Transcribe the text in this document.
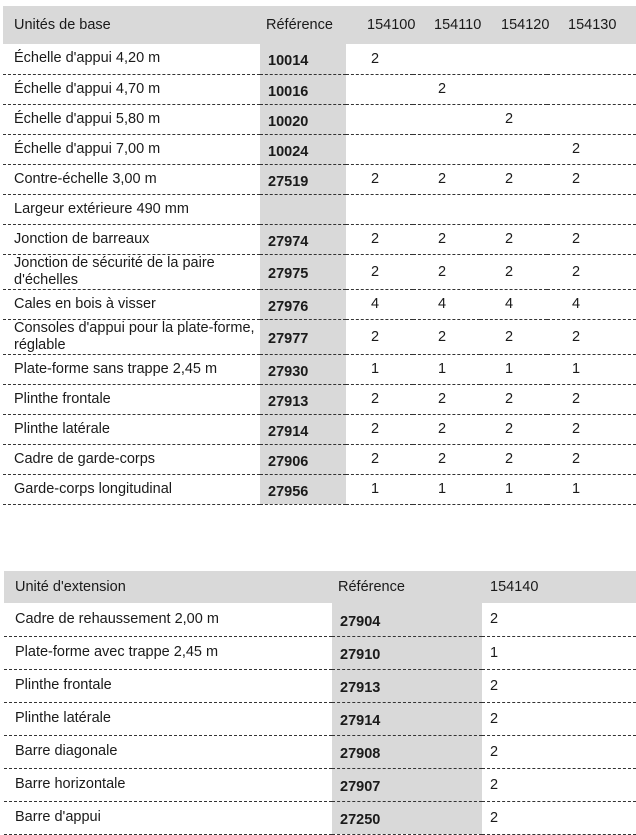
Unités de base	Référence	154100	154110	154120	154130
Échelle d'appui 4,20 m	10014	2			
Échelle d'appui 4,70 m	10016		2		
Échelle d'appui 5,80 m	10020			2	
Échelle d'appui 7,00 m	10024				2
Contre-échelle 3,00 m	27519	2	2	2	2
Largeur extérieure 490 mm					
Jonction de barreaux	27974	2	2	2	2
Jonction de sécurité de la paire d'échelles	27975	2	2	2	2
Cales en bois à visser	27976	4	4	4	4
Consoles d'appui pour la plate-forme, réglable	27977	2	2	2	2
Plate-forme sans trappe 2,45 m	27930	1	1	1	1
Plinthe frontale	27913	2	2	2	2
Plinthe latérale	27914	2	2	2	2
Cadre de garde-corps	27906	2	2	2	2
Garde-corps longitudinal	27956	1	1	1	1
Unité d'extension	Référence	154140
Cadre de rehaussement 2,00 m	27904	2
Plate-forme avec trappe 2,45 m	27910	1
Plinthe frontale	27913	2
Plinthe latérale	27914	2
Barre diagonale	27908	2
Barre horizontale	27907	2
Barre d'appui	27250	2
